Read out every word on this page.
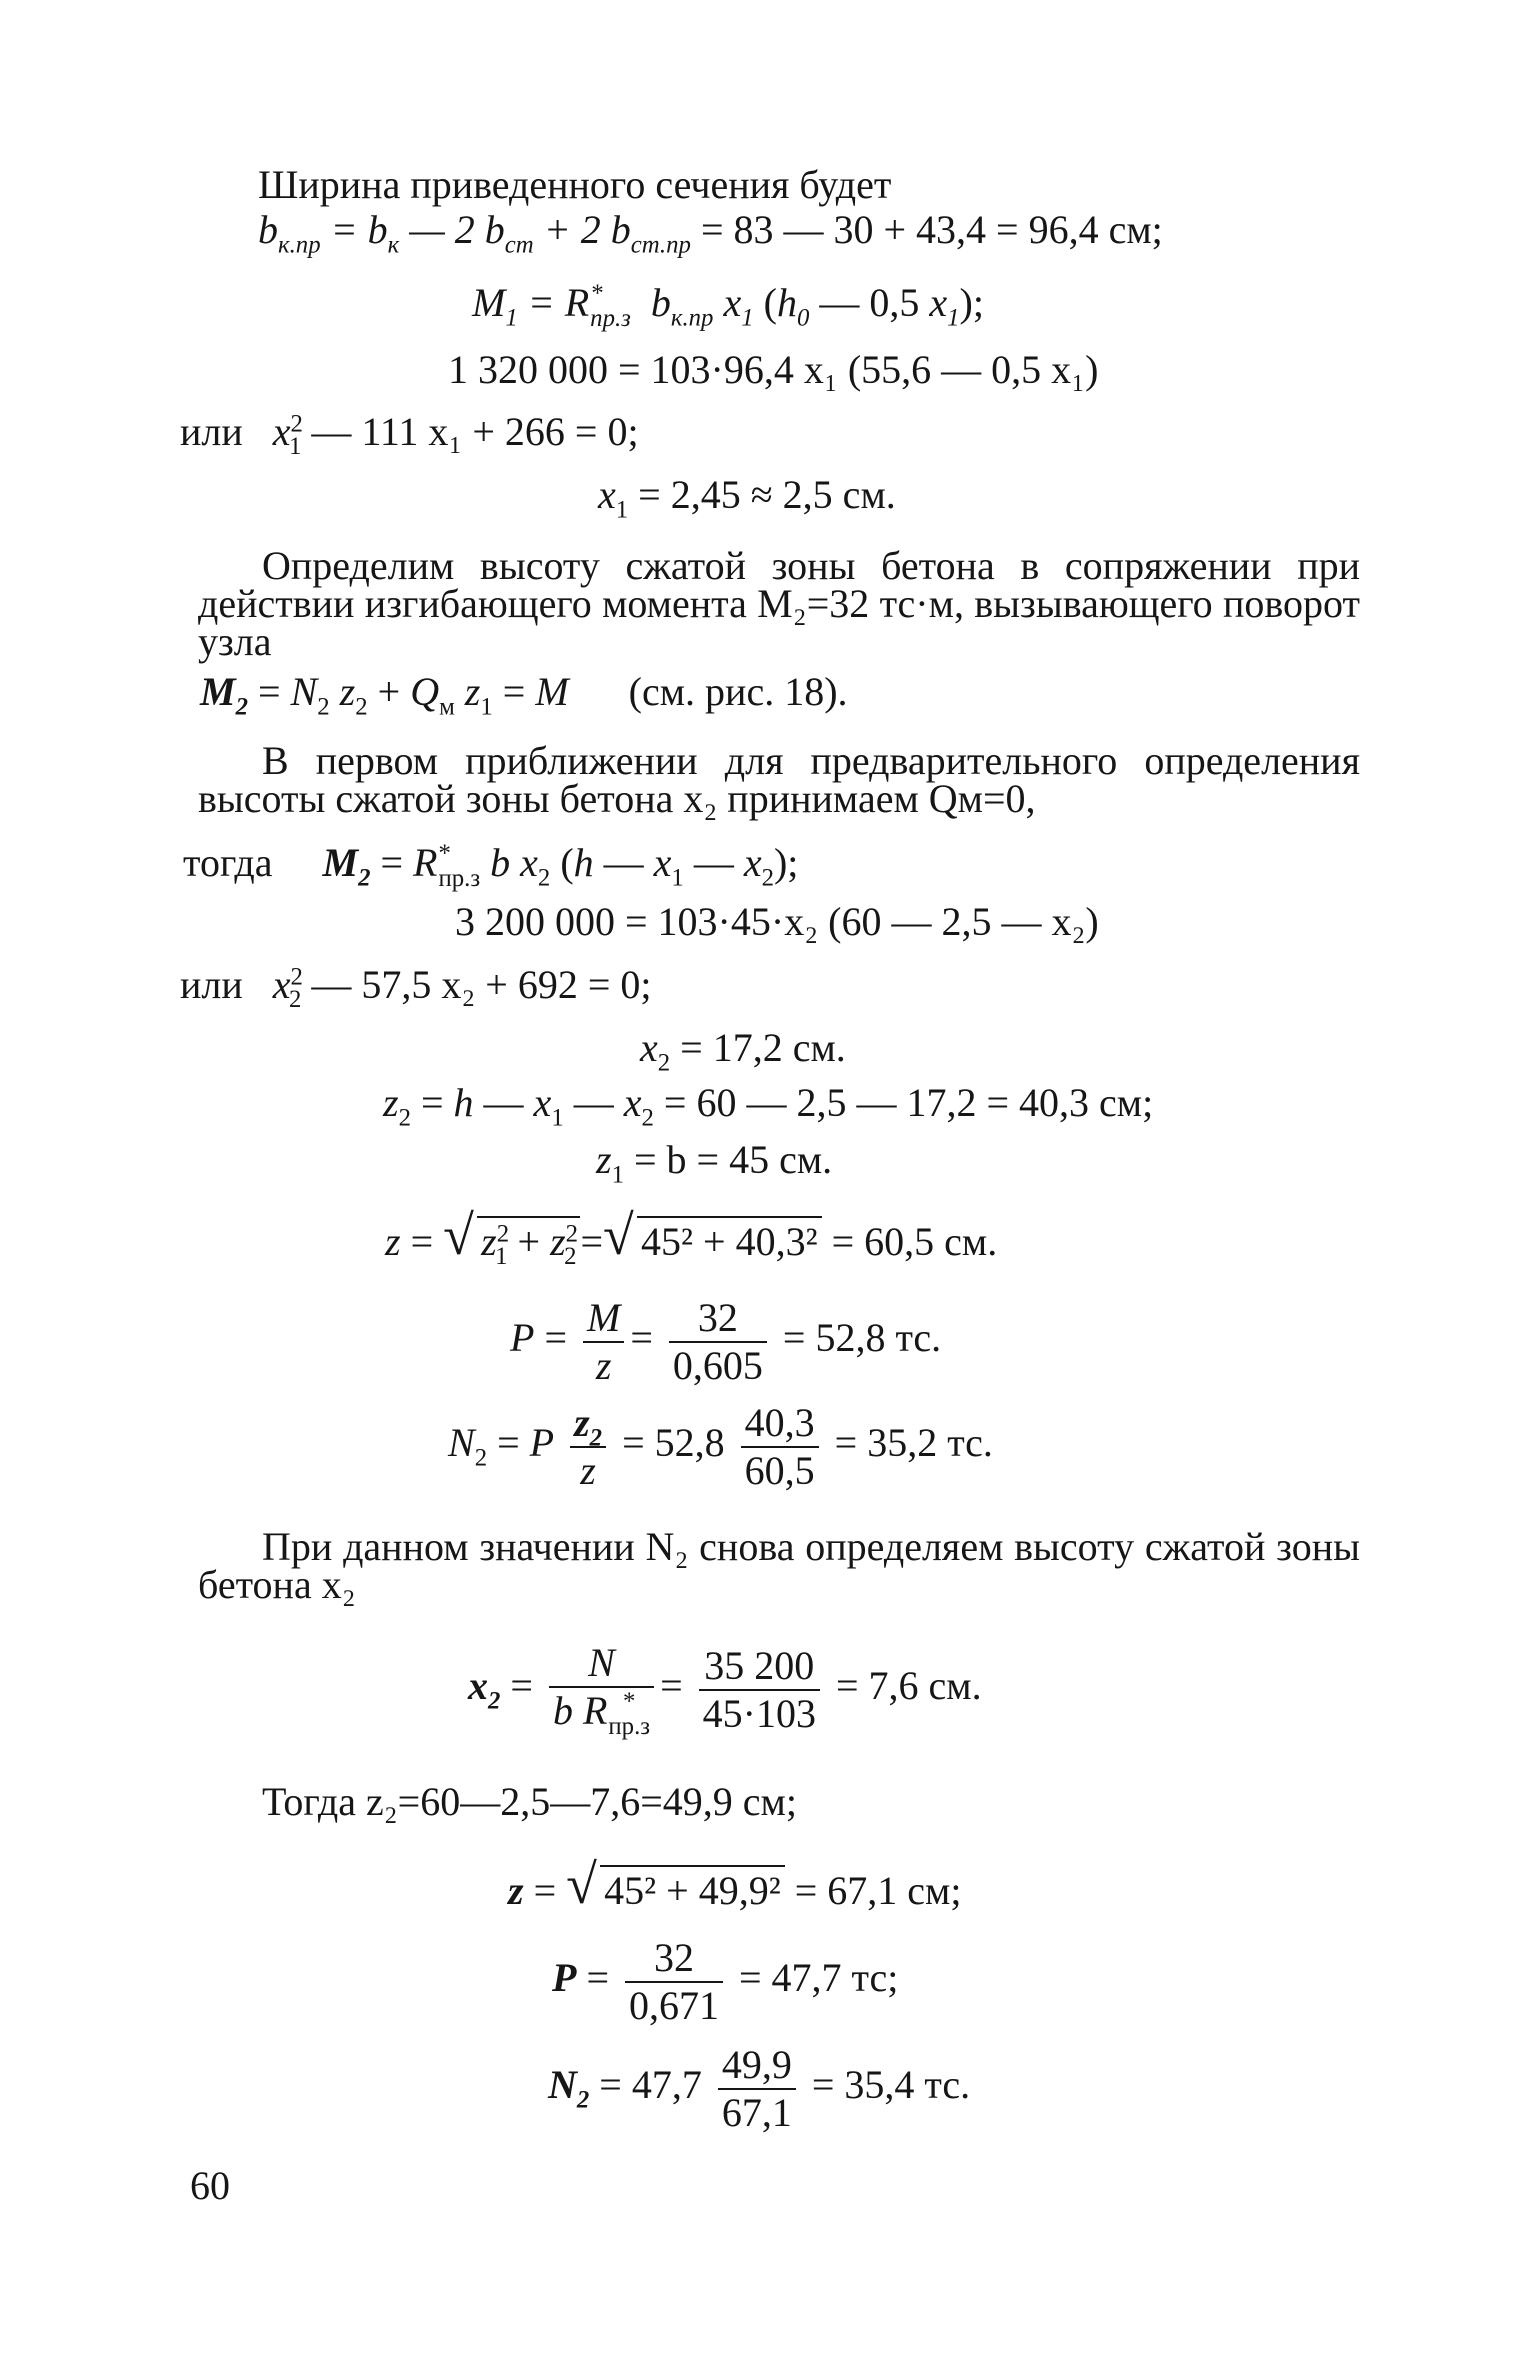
Ширина приведенного сечения будет

$b_{к.пр} = b_к$ — 2 $b_{ст} + 2$ $b_{ст.пр} = 83$ — 30 + 43,4 = 96,4 см;
$M_1 = R$ *
пр.з $b_{к.пр}$ $x_1$ ($h_0$ — 0,5 $x_1$);

1 320 000 = 103·96,4 x₁ (55,6 — 0,5 x₁)

или $x^2_1$ — 111 x₁ + 266 = 0;
$x_1 = 2,45 \approx 2,5$ см.

Определим высоту сжатой зоны бетона в сопряжении при действии изгибающего момента M₂=32 тс·м, вызывающего поворот узла

$M_2 = N_2$ $z_2 + Q_м$ $z_1 = M$ (см. рис. 18).

В первом приближении для предварительного определения высоты сжатой зоны бетона x₂ принимаем Qм=0,

тогда $M_2 = R$ *
пр.з b $x_2$ (h — $x_1$ — $x_2$);

3 200 000 = 103·45·x₂ (60 — 2,5 — x₂)

или $x^2_2$ — 57,5 x₂ + 692 = 0;
$x_2 = 17,2$ см.
$z_2 = h$ — $x_1$ — $x_2 = 60$ — 2,5 — 17,2 = 40,3 см;
$z_1 = b = 45$ см.
z = √ $z^2_1 + z^2_2$ = √ 45² + 40,3² = 60,5 см.
$P = \frac{M}{z} = \frac{32}{0,605} = 52,8$ тс.
$N_2 = P \frac{z_2}{z} = 52,8 \frac{40,3}{60,5} = 35,2$ тс.

При данном значении N₂ снова определяем высоту сжатой зоны бетона x₂

$x_2 = N$
b R *
$пр.з = \frac{35 200}{45\cdot 103} = 7,6$ см.

Тогда z₂=60—2,5—7,6=49,9 см;

z = √ 45² + 49,9² = 67,1 см;
$P = \frac{32}{0,671} = 47,7$ тс;
$N_2 = 47,7 \frac{49,9}{67,1} = 35,4$ тс.
60
